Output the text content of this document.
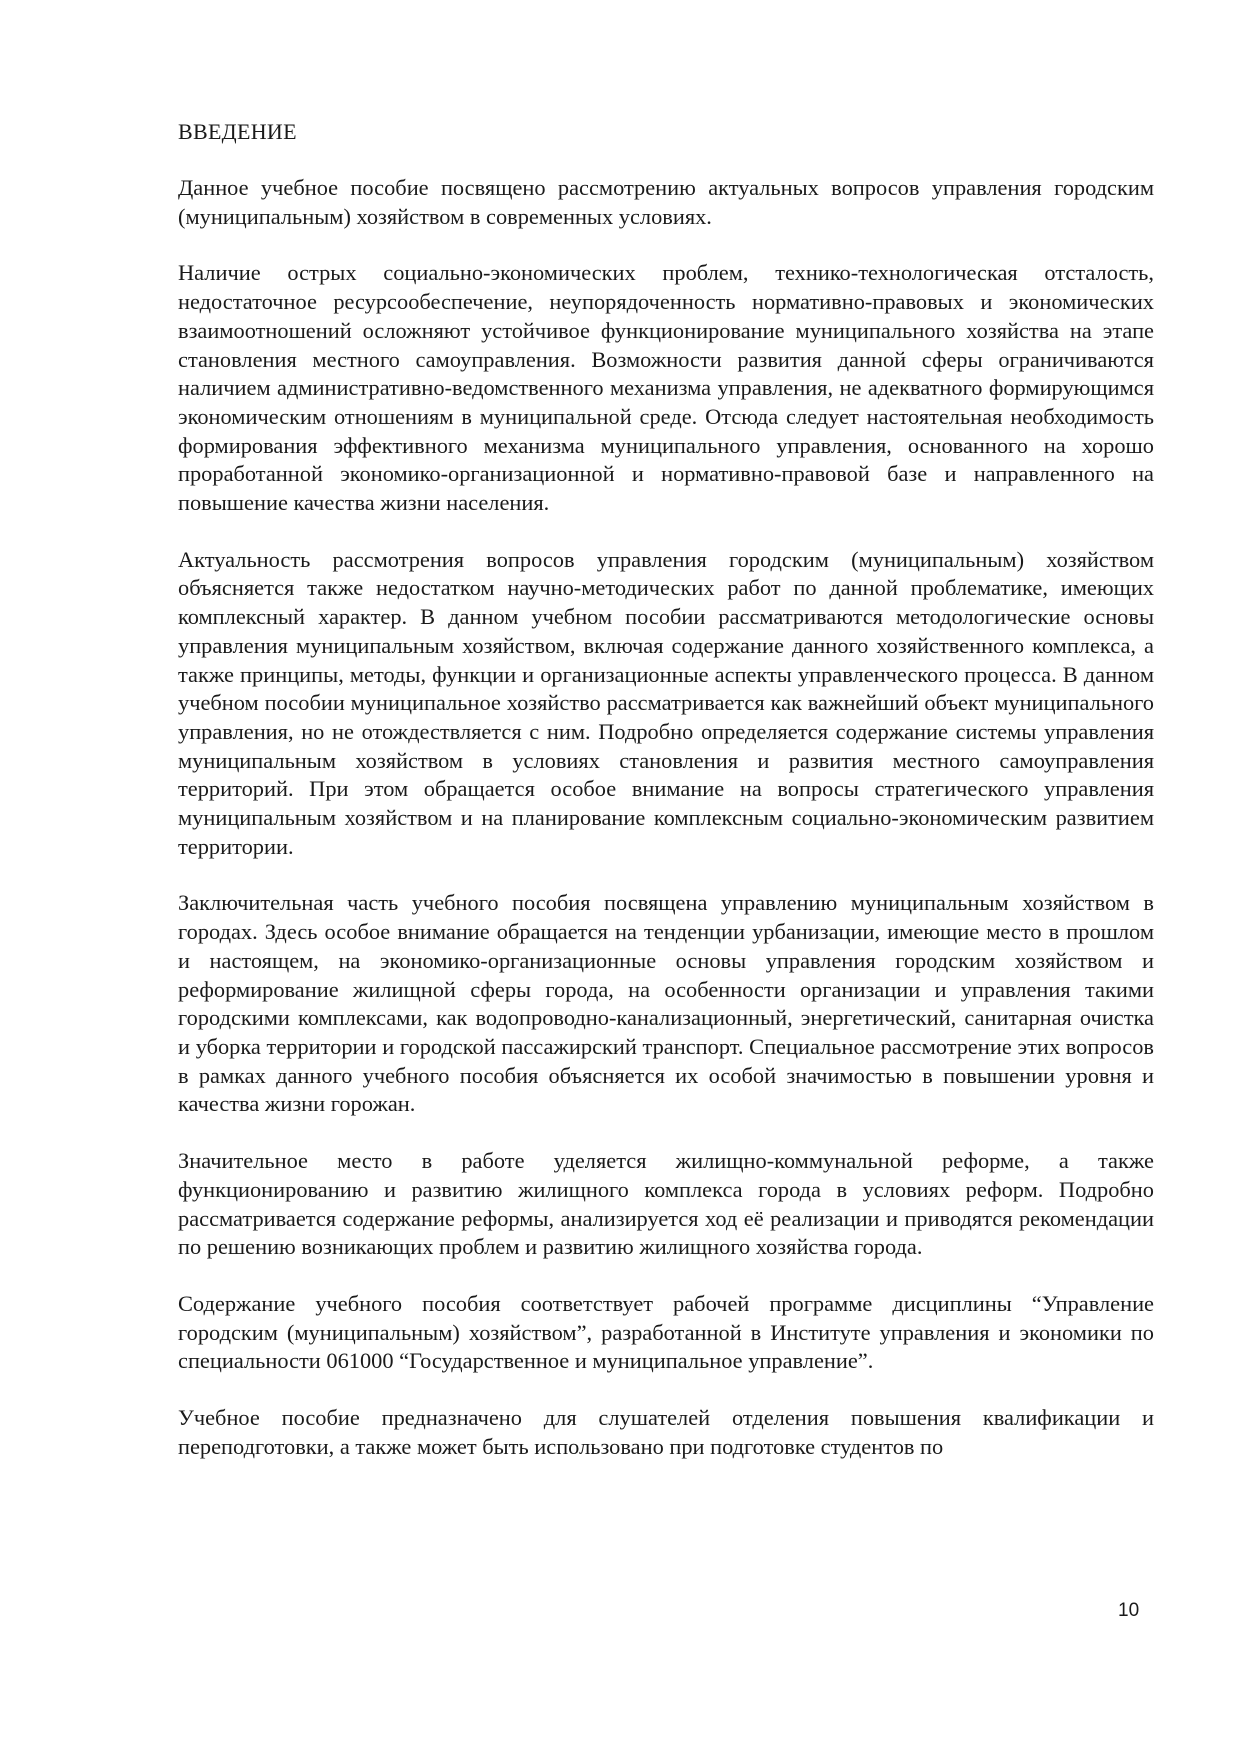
ВВЕДЕНИЕ

Данное учебное пособие посвящено рассмотрению актуальных вопросов управления городским (муниципальным) хозяйством в современных условиях.

Наличие острых социально-экономических проблем, технико-технологическая отсталость, недостаточное ресурсообеспечение, неупорядоченность нормативно-правовых и экономических взаимоотношений осложняют устойчивое функционирование муниципального хозяйства на этапе становления местного самоуправления. Возможности развития данной сферы ограничиваются наличием административно-ведомственного механизма управления, не адекватного формирующимся экономическим отношениям в муниципальной среде. Отсюда следует настоятельная необходимость формирования эффективного механизма муниципального управления, основанного на хорошо проработанной экономико-организационной и нормативно-правовой базе и направленного на повышение качества жизни населения.

Актуальность рассмотрения вопросов управления городским (муниципальным) хозяйством объясняется также недостатком научно-методических работ по данной проблематике, имеющих комплексный характер. В данном учебном пособии рассматриваются методологические основы управления муниципальным хозяйством, включая содержание данного хозяйственного комплекса, а также принципы, методы, функции и организационные аспекты управленческого процесса. В данном учебном пособии муниципальное хозяйство рассматривается как важнейший объект муниципального управления, но не отождествляется с ним. Подробно определяется содержание системы управления муниципальным хозяйством в условиях становления и развития местного самоуправления территорий. При этом обращается особое внимание на вопросы стратегического управления муниципальным хозяйством и на планирование комплексным социально-экономическим развитием территории.

Заключительная часть учебного пособия посвящена управлению муниципальным хозяйством в городах. Здесь особое внимание обращается на тенденции урбанизации, имеющие место в прошлом и настоящем, на экономико-организационные основы управления городским хозяйством и реформирование жилищной сферы города, на особенности организации и управления такими городскими комплексами, как водопроводно-канализационный, энергетический, санитарная очистка и уборка территории и городской пассажирский транспорт. Специальное рассмотрение этих вопросов в рамках данного учебного пособия объясняется их особой значимостью в повышении уровня и качества жизни горожан.

Значительное место в работе уделяется жилищно-коммунальной реформе, а также функционированию и развитию жилищного комплекса города в условиях реформ. Подробно рассматривается содержание реформы, анализируется ход её реализации и приводятся рекомендации по решению возникающих проблем и развитию жилищного хозяйства города.

Содержание учебного пособия соответствует рабочей программе дисциплины “Управление городским (муниципальным) хозяйством”, разработанной в Институте управления и экономики по специальности 061000 “Государственное и муниципальное управление”.

Учебное пособие предназначено для слушателей отделения повышения квалификации и переподготовки, а также может быть использовано при подготовке студентов по

10
